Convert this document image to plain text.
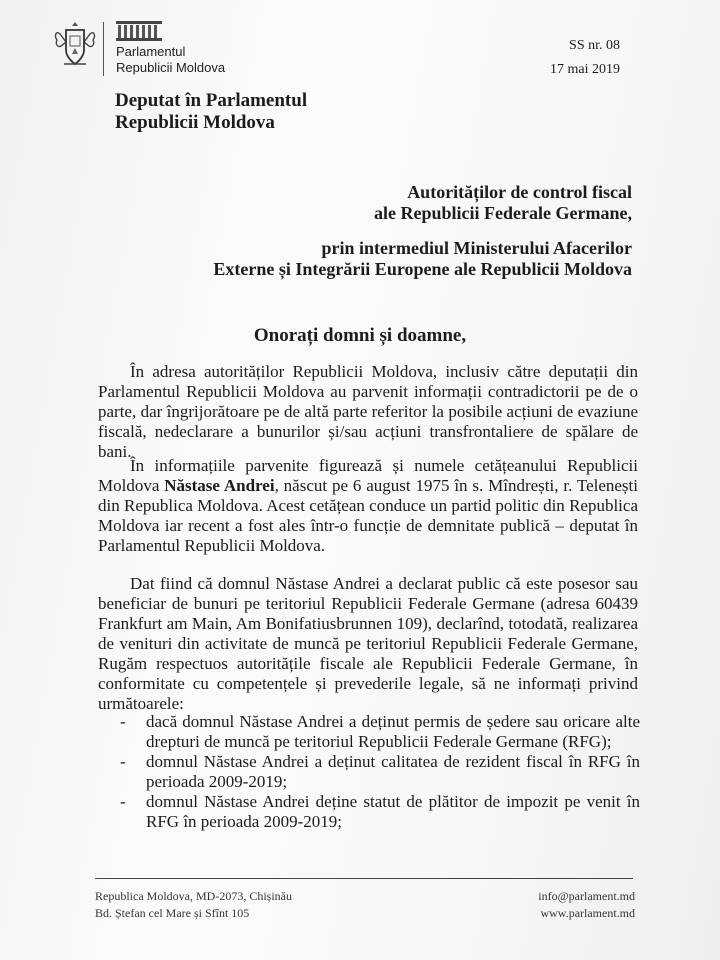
Parlamentul
Republicii Moldova
SS nr. 08
17 mai 2019
Deputat în Parlamentul
Republicii Moldova
Autorităților de control fiscal
ale Republicii Federale Germane,
prin intermediul Ministerului Afacerilor
Externe și Integrării Europene ale Republicii Moldova
Onorați domni și doamne,
În adresa autorităților Republicii Moldova, inclusiv către deputații din Parlamentul Republicii Moldova au parvenit informații contradictorii pe de o parte, dar îngrijorătoare pe de altă parte referitor la posibile acțiuni de evaziune fiscală, nedeclarare a bunurilor și/sau acțiuni transfrontaliere de spălare de bani.
În informațiile parvenite figurează și numele cetățeanului Republicii Moldova Năstase Andrei, născut pe 6 august 1975 în s. Mîndrești, r. Telenești din Republica Moldova. Acest cetățean conduce un partid politic din Republica Moldova iar recent a fost ales într-o funcție de demnitate publică – deputat în Parlamentul Republicii Moldova.
Dat fiind că domnul Năstase Andrei a declarat public că este posesor sau beneficiar de bunuri pe teritoriul Republicii Federale Germane (adresa 60439 Frankfurt am Main, Am Bonifatiusbrunnen 109), declarînd, totodată, realizarea de venituri din activitate de muncă pe teritoriul Republicii Federale Germane, Rugăm respectuos autoritățile fiscale ale Republicii Federale Germane, în conformitate cu competențele și prevederile legale, să ne informați privind următoarele:
-	dacă domnul Năstase Andrei a deținut permis de ședere sau oricare alte drepturi de muncă pe teritoriul Republicii Federale Germane (RFG);
-	domnul Năstase Andrei a deținut calitatea de rezident fiscal în RFG în perioada 2009-2019;
-	domnul Năstase Andrei deține statut de plătitor de impozit pe venit în RFG în perioada 2009-2019;
Republica Moldova, MD-2073, Chișinău
Bd. Ștefan cel Mare și Sfînt 105
info@parlament.md
www.parlament.md
